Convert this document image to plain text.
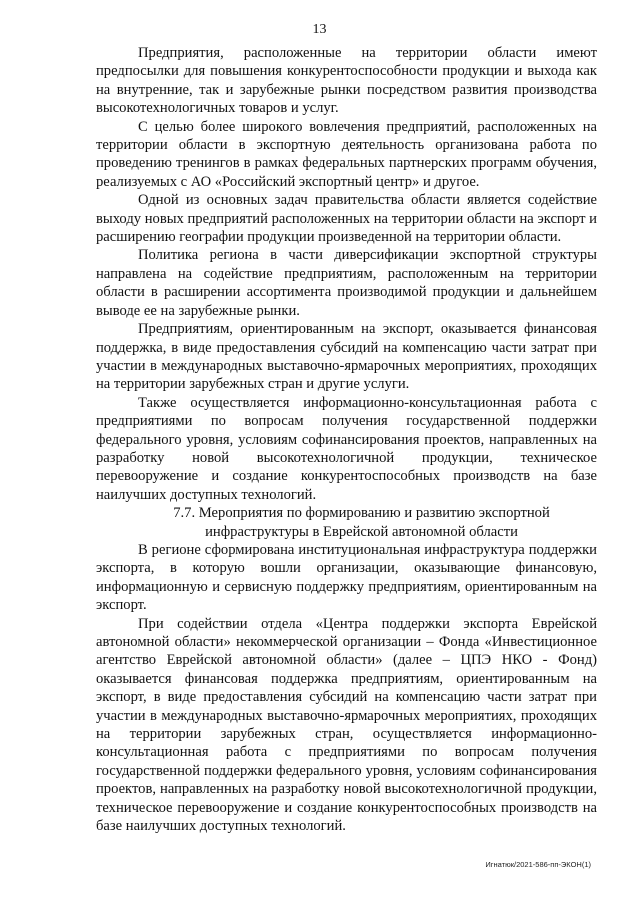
13

Предприятия, расположенные на территории области имеют предпосылки для повышения конкурентоспособности продукции и выхода как на внутренние, так и зарубежные рынки посредством развития производства высокотехнологичных товаров и услуг.

С целью более широкого вовлечения предприятий, расположенных на территории области в экспортную деятельность организована работа по проведению тренингов в рамках федеральных партнерских программ обучения, реализуемых с АО «Российский экспортный центр» и другое.

Одной из основных задач правительства области является содействие выходу новых предприятий расположенных на территории области на экспорт и расширению географии продукции произведенной на территории области.

Политика региона в части диверсификации экспортной структуры направлена на содействие предприятиям, расположенным на территории области в расширении ассортимента производимой продукции и дальнейшем выводе ее на зарубежные рынки.

Предприятиям, ориентированным на экспорт, оказывается финансовая поддержка, в виде предоставления субсидий на компенсацию части затрат при участии в международных выставочно-ярмарочных мероприятиях, проходящих на территории зарубежных стран и другие услуги.

Также осуществляется информационно-консультационная работа с предприятиями по вопросам получения государственной поддержки федерального уровня, условиям софинансирования проектов, направленных на разработку новой высокотехнологичной продукции, техническое перевооружение и создание конкурентоспособных производств на базе наилучших доступных технологий.

7.7. Мероприятия по формированию и развитию экспортной инфраструктуры в Еврейской автономной области

В регионе сформирована институциональная инфраструктура поддержки экспорта, в которую вошли организации, оказывающие финансовую, информационную и сервисную поддержку предприятиям, ориентированным на экспорт.

При содействии отдела «Центра поддержки экспорта Еврейской автономной области» некоммерческой организации – Фонда «Инвестиционное агентство Еврейской автономной области» (далее – ЦПЭ НКО - Фонд) оказывается финансовая поддержка предприятиям, ориентированным на экспорт, в виде предоставления субсидий на компенсацию части затрат при участии в международных выставочно-ярмарочных мероприятиях, проходящих на территории зарубежных стран, осуществляется информационно-консультационная работа с предприятиями по вопросам получения государственной поддержки федерального уровня, условиям софинансирования проектов, направленных на разработку новой высокотехнологичной продукции, техническое перевооружение и создание конкурентоспособных производств на базе наилучших доступных технологий.

Игнатюк/2021-586-пп-ЭКОН(1)
